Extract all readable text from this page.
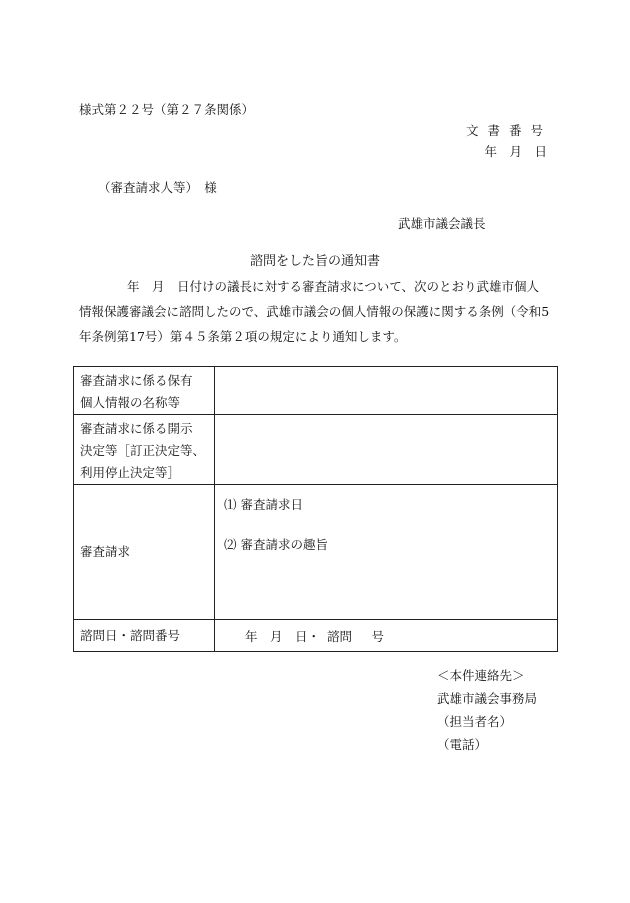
様式第２２号（第２７条関係）
文書番号
年　月　日
（審査請求人等）　様
武雄市議会議長
諮問をした旨の通知書

年　月　日付けの議長に対する審査請求について、次のとおり武雄市個人

情報保護審議会に諮問したので、武雄市議会の個人情報の保護に関する条例（令和5

年条例第17号）第４５条第２項の規定により通知します。

審査請求に係る保有
個人情報の名称等	

審査請求に係る開示
決定等［訂正決定等、
利用停止決定等］	

審査請求	⑴ 審査請求日
⑵ 審査請求の趣旨

諮問日・諮問番号	年　月　日・ 諮問　 号
＜本件連絡先＞
武雄市議会事務局
（担当者名）
（電話）
